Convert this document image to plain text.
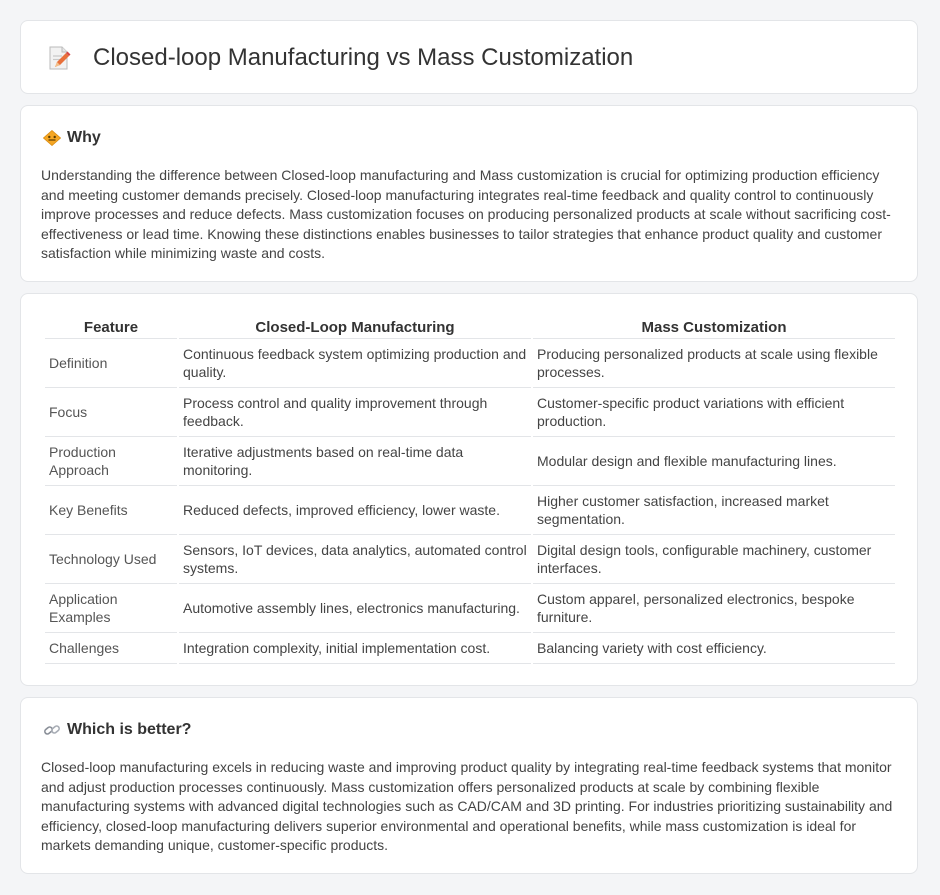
Closed-loop Manufacturing vs Mass Customization
Why

Understanding the difference between Closed-loop manufacturing and Mass customization is crucial for optimizing production efficiency and meeting customer demands precisely. Closed-loop manufacturing integrates real-time feedback and quality control to continuously improve processes and reduce defects. Mass customization focuses on producing personalized products at scale without sacrificing cost-effectiveness or lead time. Knowing these distinctions enables businesses to tailor strategies that enhance product quality and customer satisfaction while minimizing waste and costs.

Feature	Closed-Loop Manufacturing	Mass Customization
Definition	Continuous feedback system optimizing production and quality.	Producing personalized products at scale using flexible processes.
Focus	Process control and quality improvement through feedback.	Customer-specific product variations with efficient production.
Production Approach	Iterative adjustments based on real-time data monitoring.	Modular design and flexible manufacturing lines.
Key Benefits	Reduced defects, improved efficiency, lower waste.	Higher customer satisfaction, increased market segmentation.
Technology Used	Sensors, IoT devices, data analytics, automated control systems.	Digital design tools, configurable machinery, customer interfaces.
Application Examples	Automotive assembly lines, electronics manufacturing.	Custom apparel, personalized electronics, bespoke furniture.
Challenges	Integration complexity, initial implementation cost.	Balancing variety with cost efficiency.
Which is better?

Closed-loop manufacturing excels in reducing waste and improving product quality by integrating real-time feedback systems that monitor and adjust production processes continuously. Mass customization offers personalized products at scale by combining flexible manufacturing systems with advanced digital technologies such as CAD/CAM and 3D printing. For industries prioritizing sustainability and efficiency, closed-loop manufacturing delivers superior environmental and operational benefits, while mass customization is ideal for markets demanding unique, customer-specific products.
